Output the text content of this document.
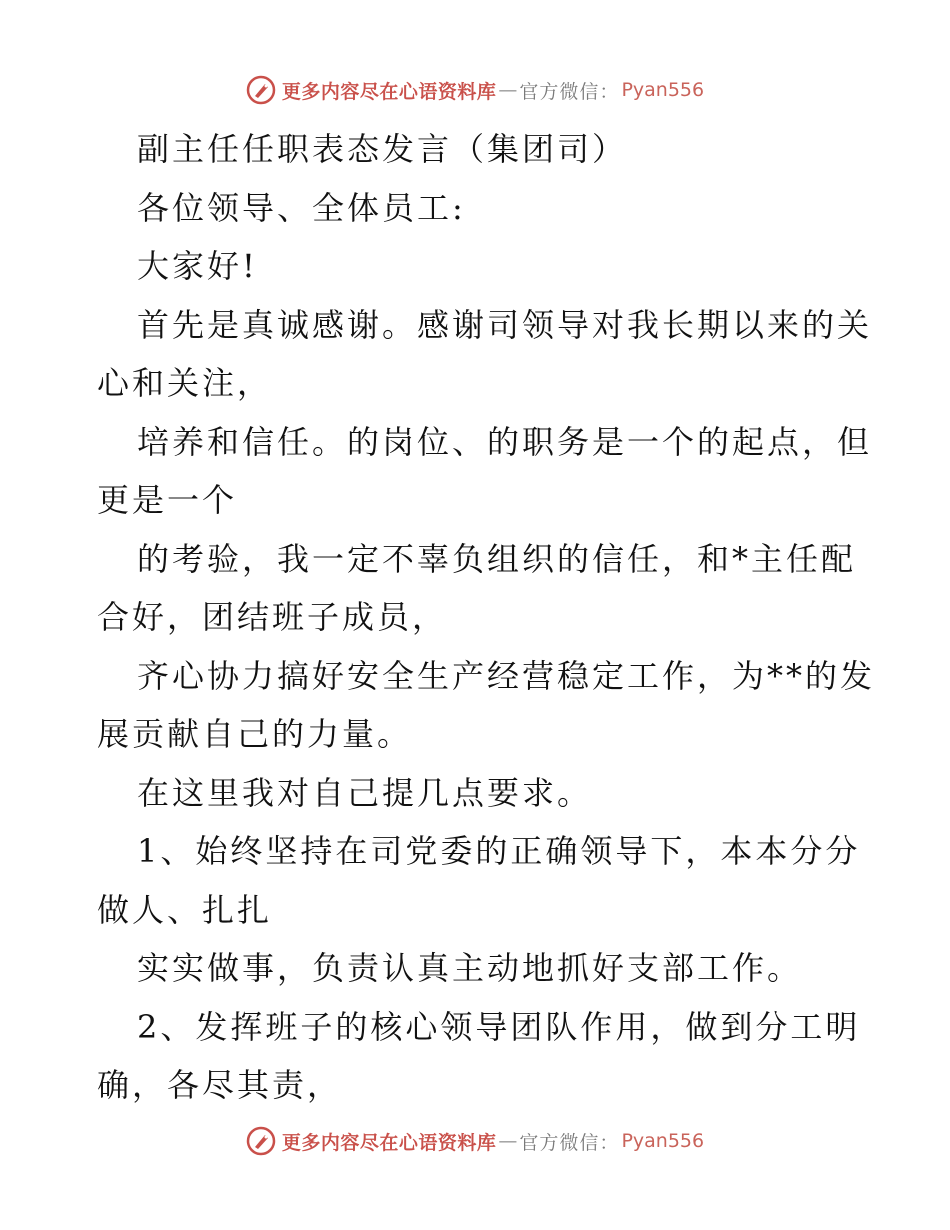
更多内容尽在心语资料库 — 官方微信： Pyan556
副主任任职表态发言（集团司）
各位领导、全体员工:
大家好!
首先是真诚感谢。感谢司领导对我长期以来的关
心和关注，
培养和信任。的岗位、的职务是一个的起点，但
更是一个
的考验，我一定不辜负组织的信任，和*主任配
合好，团结班子成员，
齐心协力搞好安全生产经营稳定工作，为**的发
展贡献自己的力量。
在这里我对自己提几点要求。
1、始终坚持在司党委的正确领导下，本本分分
做人、扎扎
实实做事，负责认真主动地抓好支部工作。
2、发挥班子的核心领导团队作用，做到分工明
确，各尽其责，
更多内容尽在心语资料库 — 官方微信： Pyan556
